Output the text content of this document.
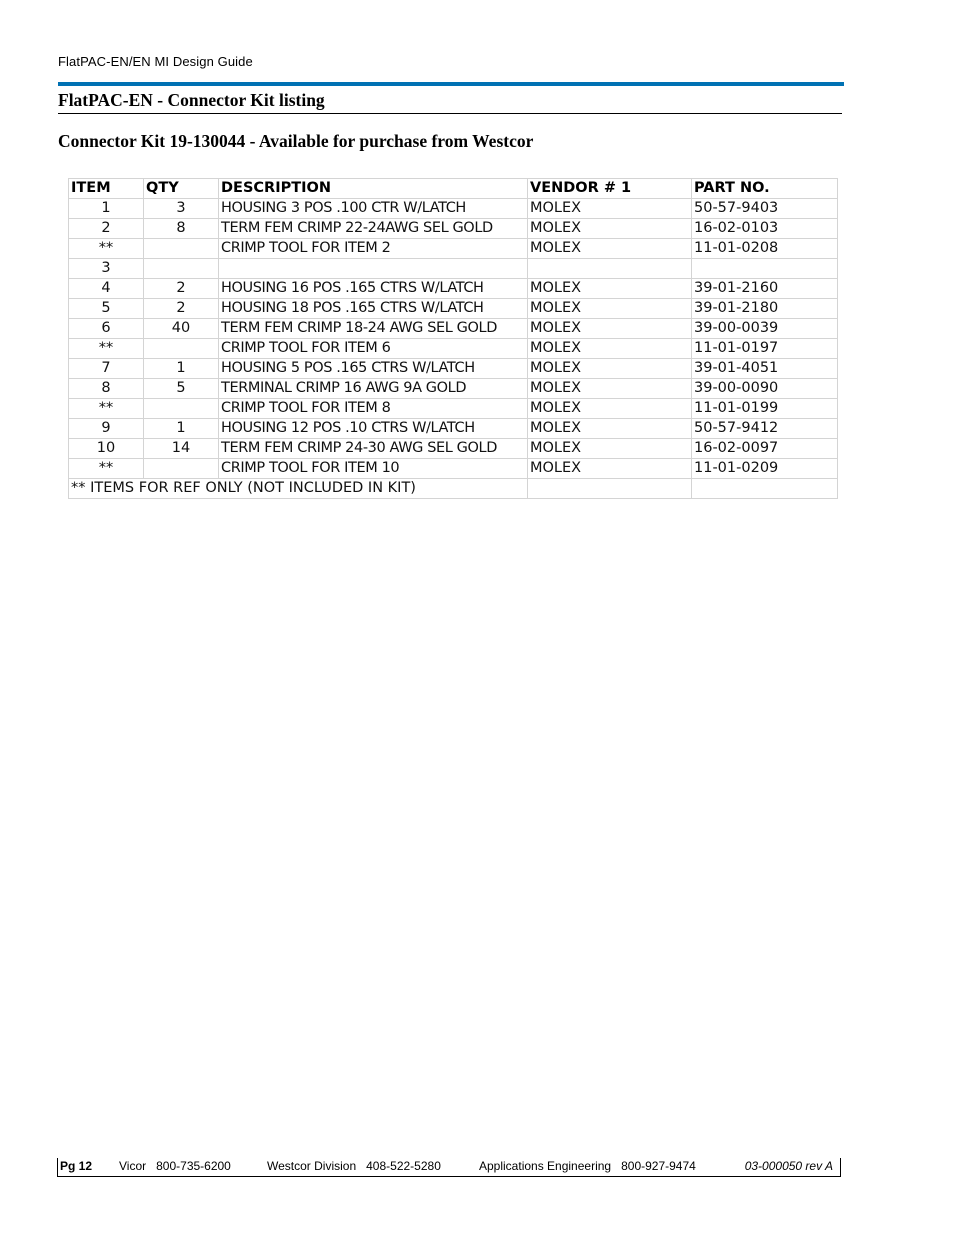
FlatPAC-EN/EN MI Design Guide
FlatPAC-EN - Connector Kit listing
Connector Kit 19-130044 - Available for purchase from Westcor
ITEM	QTY	DESCRIPTION	VENDOR # 1	PART NO.
1	3	HOUSING 3 POS .100 CTR W/LATCH	MOLEX	50-57-9403
2	8	TERM FEM CRIMP 22-24AWG SEL GOLD	MOLEX	16-02-0103
**		CRIMP TOOL FOR ITEM 2	MOLEX	11-01-0208
3				
4	2	HOUSING 16 POS .165 CTRS W/LATCH	MOLEX	39-01-2160
5	2	HOUSING 18 POS .165 CTRS W/LATCH	MOLEX	39-01-2180
6	40	TERM FEM CRIMP 18-24 AWG SEL GOLD	MOLEX	39-00-0039
**		CRIMP TOOL FOR ITEM 6	MOLEX	11-01-0197
7	1	HOUSING 5 POS .165 CTRS W/LATCH	MOLEX	39-01-4051
8	5	TERMINAL CRIMP 16 AWG 9A GOLD	MOLEX	39-00-0090
**		CRIMP TOOL FOR ITEM 8	MOLEX	11-01-0199
9	1	HOUSING 12 POS .10 CTRS W/LATCH	MOLEX	50-57-9412
10	14	TERM FEM CRIMP 24-30 AWG SEL GOLD	MOLEX	16-02-0097
**		CRIMP TOOL FOR ITEM 10	MOLEX	11-01-0209
** ITEMS FOR REF ONLY (NOT INCLUDED IN KIT)				
Pg 12 Vicor   800-735-6200	Westcor Division   408-522-5280	Applications Engineering   800-927-9474	03-000050 rev A
